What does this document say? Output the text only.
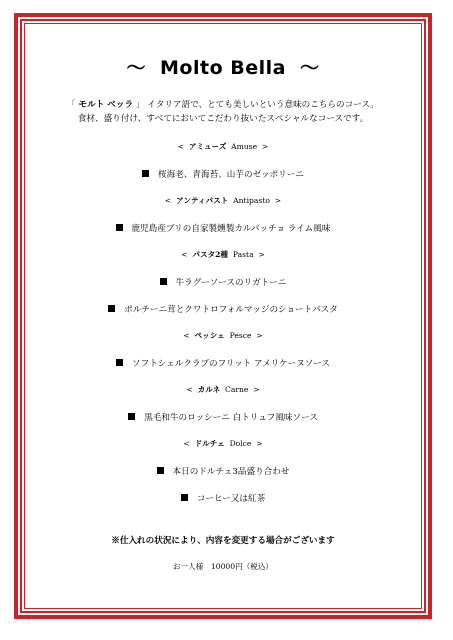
～ Molto Bella ～
「 モルト ベッラ 」 イタリア語で、とても美しいという意味のこちらのコース。
食材、盛り付け、すべてにおいてこだわり抜いたスペシャルなコースです。
<  アミューズ Amuse  >
桜海老、青海苔、山芋のゼッポリーニ
<  アンティパスト Antipasto  >
鹿児島産ブリの自家製燻製カルパッチョ ライム風味
<  パスタ2種 Pasta  >
牛ラグーソースのリガトーニ
ポルチーニ茸とクワトロフォルマッジのショートパスタ
<  ペッシェ Pesce  >
ソフトシェルクラブのフリット アメリケーヌソース
<  カルネ Carne  >
黒毛和牛のロッシーニ 白トリュフ風味ソース
<  ドルチェ Dolce  >
本日のドルチェ3品盛り合わせ
コーヒー又は紅茶
※仕入れの状況により、内容を変更する場合がございます
お一人様　10000円（税込）
